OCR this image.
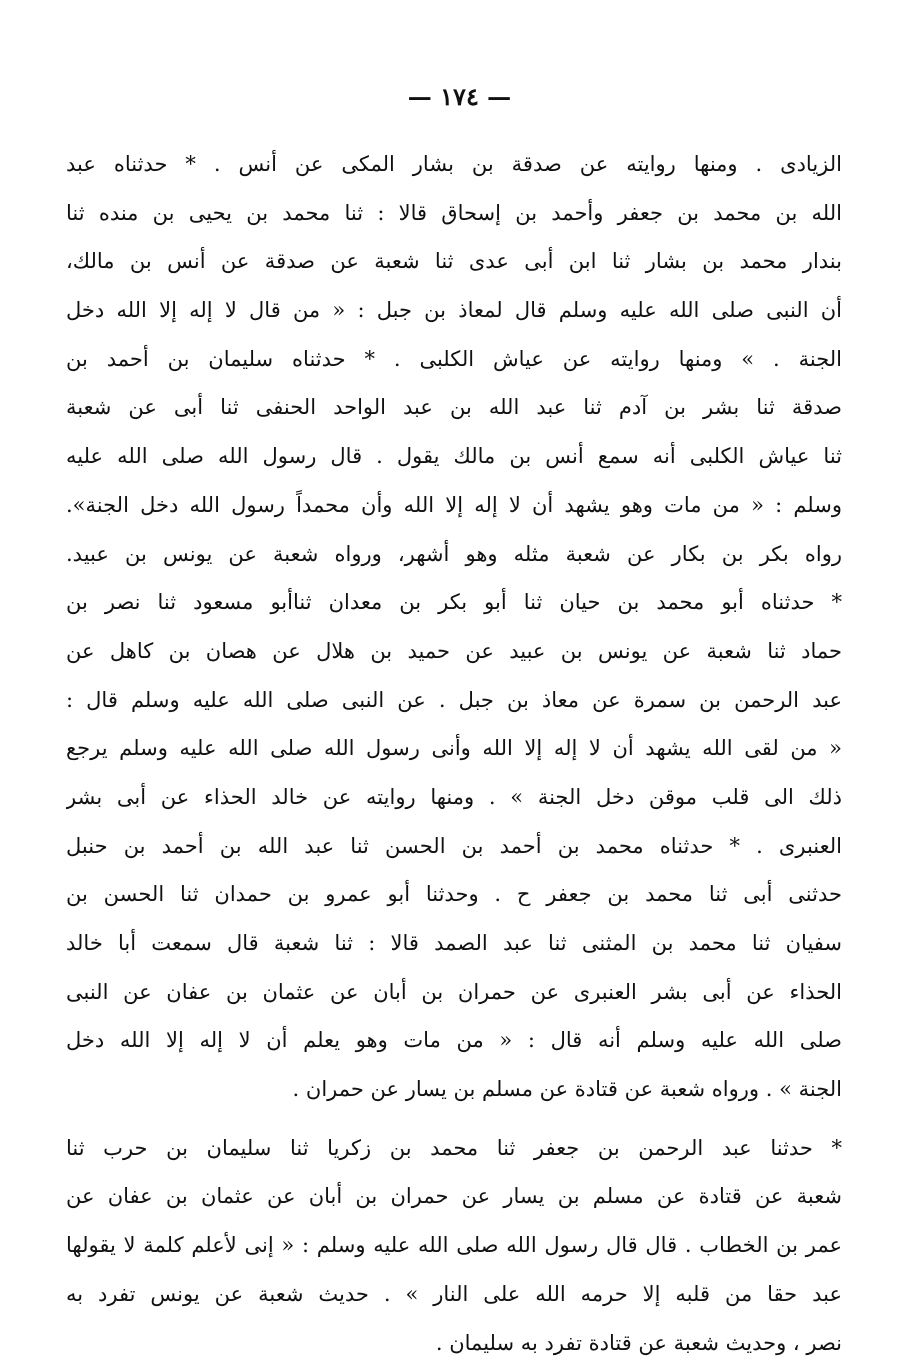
— ١٧٤ —
الزيادى . ومنها روايته عن صدقة بن بشار المكى عن أنس . * حدثناه عبد
الله بن محمد بن جعفر وأحمد بن إسحاق قالا : ثنا محمد بن يحيى بن منده ثنا
بندار محمد بن بشار ثنا ابن أبى عدى ثنا شعبة عن صدقة عن أنس بن مالك،
أن النبى صلى الله عليه وسلم قال لمعاذ بن جبل : « من قال لا إله إلا الله دخل
الجنة . » ومنها روايته عن عياش الكلبى . * حدثناه سليمان بن أحمد بن
صدقة ثنا بشر بن آدم ثنا عبد الله بن عبد الواحد الحنفى ثنا أبى عن شعبة
ثنا عياش الكلبى أنه سمع أنس بن مالك يقول . قال رسول الله صلى الله عليه
وسلم : « من مات وهو يشهد أن لا إله إلا الله وأن محمداً رسول الله دخل الجنة».
رواه بكر بن بكار عن شعبة مثله وهو أشهر، ورواه شعبة عن يونس بن عبيد.
* حدثناه أبو محمد بن حيان ثنا أبو بكر بن معدان ثناأبو مسعود ثنا نصر بن
حماد ثنا شعبة عن يونس بن عبيد عن حميد بن هلال عن هصان بن كاهل عن
عبد الرحمن بن سمرة عن معاذ بن جبل . عن النبى صلى الله عليه وسلم قال :
« من لقى الله يشهد أن لا إله إلا الله وأنى رسول الله صلى الله عليه وسلم يرجع
ذلك الى قلب موقن دخل الجنة » . ومنها روايته عن خالد الحذاء عن أبى بشر
العنبرى . * حدثناه محمد بن أحمد بن الحسن ثنا عبد الله بن أحمد بن حنبل
حدثنى أبى ثنا محمد بن جعفر ح . وحدثنا أبو عمرو بن حمدان ثنا الحسن بن
سفيان ثنا محمد بن المثنى ثنا عبد الصمد قالا : ثنا شعبة قال سمعت أبا خالد
الحذاء عن أبى بشر العنبرى عن حمران بن أبان عن عثمان بن عفان عن النبى
صلى الله عليه وسلم أنه قال : « من مات وهو يعلم أن لا إله إلا الله دخل
الجنة » . ورواه شعبة عن قتادة عن مسلم بن يسار عن حمران .
* حدثنا عبد الرحمن بن جعفر ثنا محمد بن زكريا ثنا سليمان بن حرب ثنا
شعبة عن قتادة عن مسلم بن يسار عن حمران بن أبان عن عثمان بن عفان عن
عمر بن الخطاب . قال قال رسول الله صلى الله عليه وسلم : « إنى لأعلم كلمة لا يقولها
عبد حقا من قلبه إلا حرمه الله على النار » . حديث شعبة عن يونس تفرد به
نصر ، وحديث شعبة عن قتادة تفرد به سليمان .
